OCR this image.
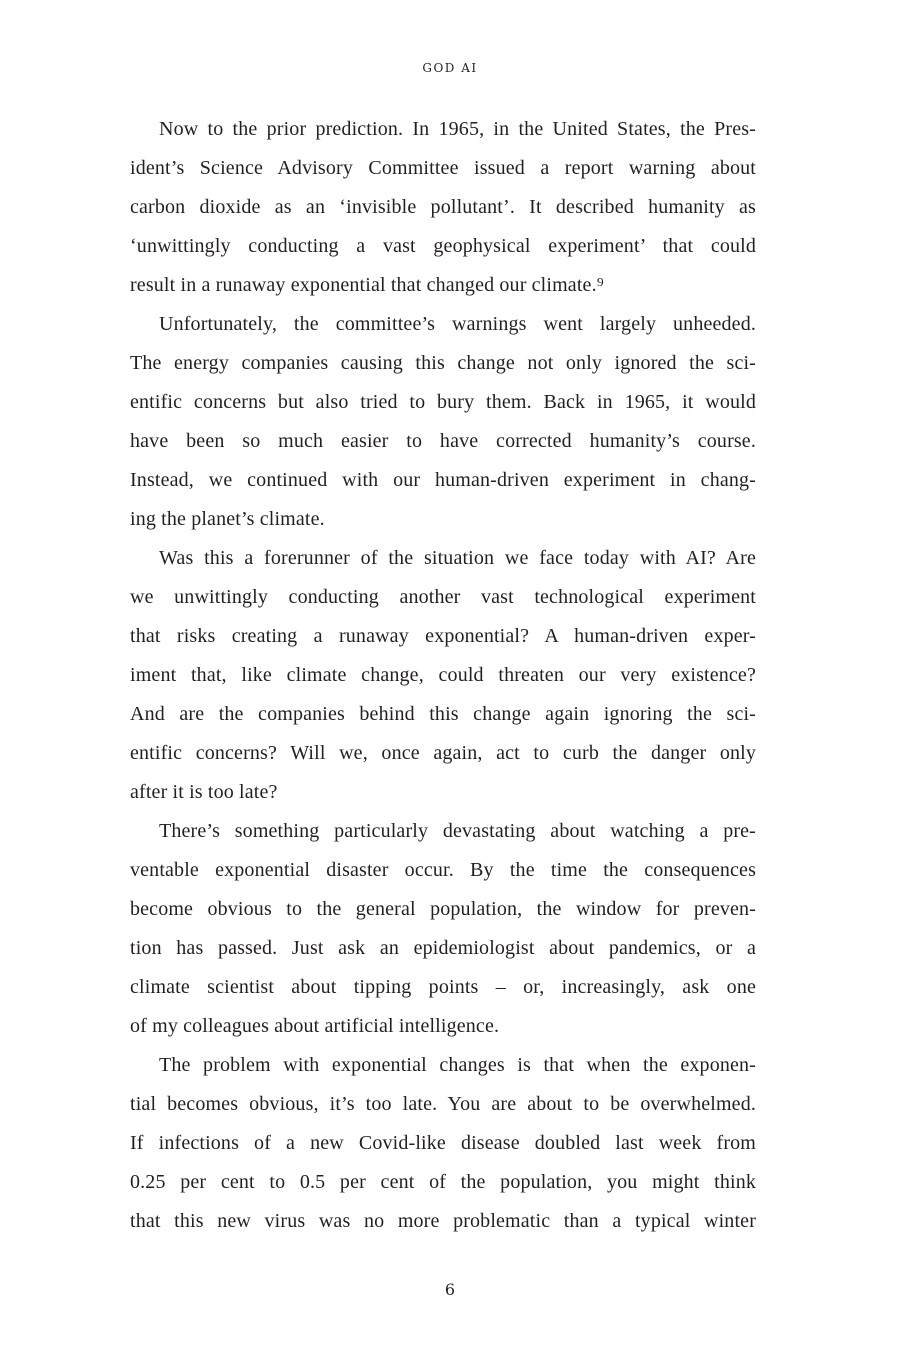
GOD AI

Now to the prior prediction. In 1965, in the United States, the Pres-
ident’s Science Advisory Committee issued a report warning about
carbon dioxide as an ‘invisible pollutant’. It described humanity as
‘unwittingly conducting a vast geophysical experiment’ that could
result in a runaway exponential that changed our climate.⁹

Unfortunately, the committee’s warnings went largely unheeded.
The energy companies causing this change not only ignored the sci-
entific concerns but also tried to bury them. Back in 1965, it would
have been so much easier to have corrected humanity’s course.
Instead, we continued with our human-driven experiment in chang-
ing the planet’s climate.

Was this a forerunner of the situation we face today with AI? Are
we unwittingly conducting another vast technological experiment
that risks creating a runaway exponential? A human-driven exper-
iment that, like climate change, could threaten our very existence?
And are the companies behind this change again ignoring the sci-
entific concerns? Will we, once again, act to curb the danger only
after it is too late?

There’s something particularly devastating about watching a pre-
ventable exponential disaster occur. By the time the consequences
become obvious to the general population, the window for preven-
tion has passed. Just ask an epidemiologist about pandemics, or a
climate scientist about tipping points – or, increasingly, ask one
of my colleagues about artificial intelligence.

The problem with exponential changes is that when the exponen-
tial becomes obvious, it’s too late. You are about to be overwhelmed.
If infections of a new Covid-like disease doubled last week from
0.25 per cent to 0.5 per cent of the population, you might think
that this new virus was no more problematic than a typical winter

6
